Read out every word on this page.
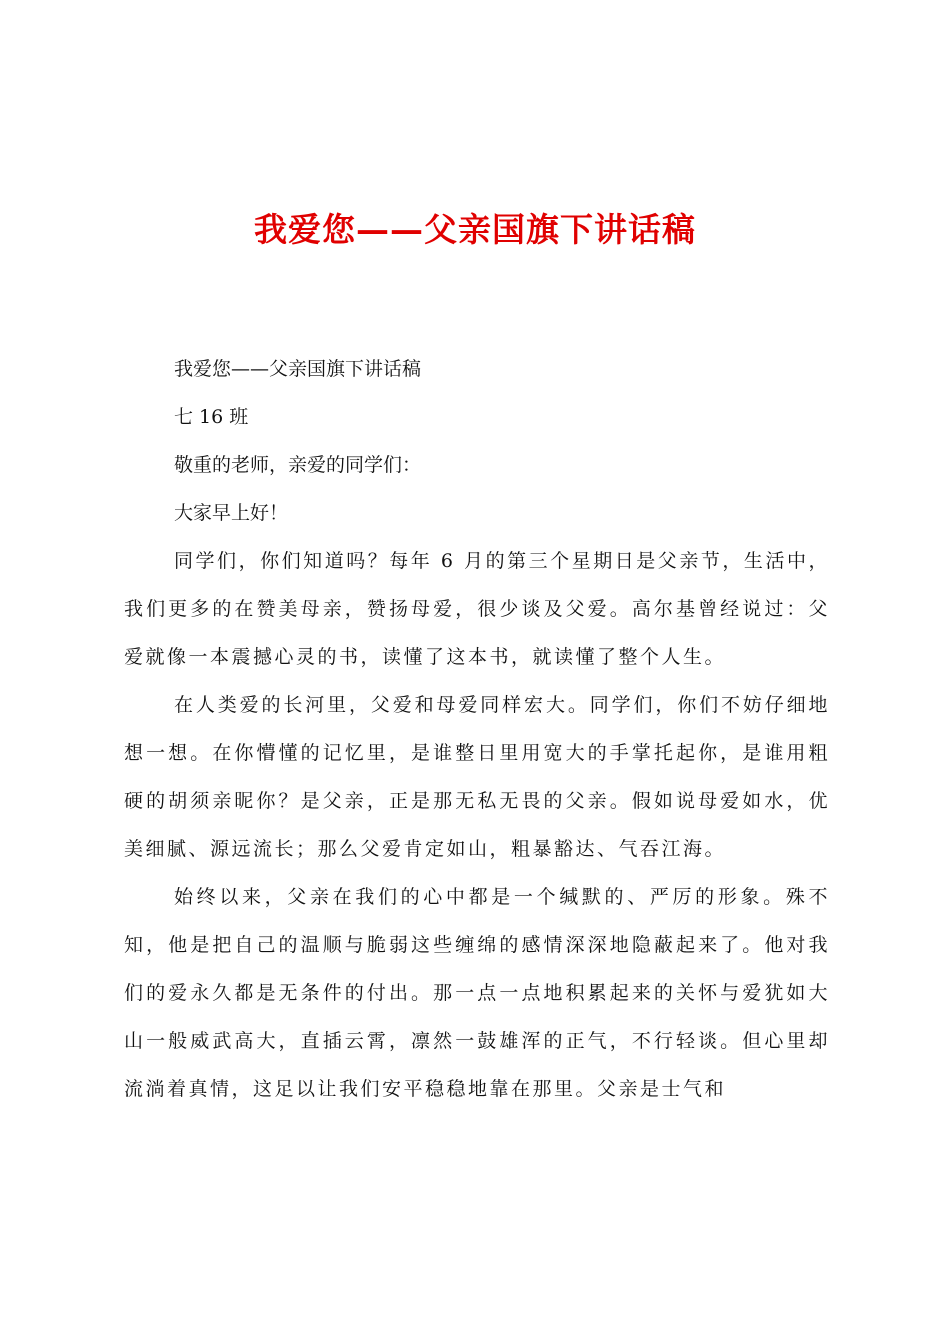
我爱您——父亲国旗下讲话稿

我爱您——父亲国旗下讲话稿

七 16 班

敬重的老师，亲爱的同学们：

大家早上好！

同学们，你们知道吗？每年 6 月的第三个星期日是父亲节，生活中，我们更多的在赞美母亲，赞扬母爱，很少谈及父爱。高尔基曾经说过：父爱就像一本震撼心灵的书，读懂了这本书，就读懂了整个人生。

在人类爱的长河里，父爱和母爱同样宏大。同学们，你们不妨仔细地想一想。在你懵懂的记忆里，是谁整日里用宽大的手掌托起你，是谁用粗硬的胡须亲昵你？是父亲，正是那无私无畏的父亲。假如说母爱如水，优美细腻、源远流长；那么父爱肯定如山，粗暴豁达、气吞江海。

始终以来，父亲在我们的心中都是一个缄默的、严厉的形象。殊不知，他是把自己的温顺与脆弱这些缠绵的感情深深地隐蔽起来了。他对我们的爱永久都是无条件的付出。那一点一点地积累起来的关怀与爱犹如大山一般威武高大，直插云霄，凛然一鼓雄浑的正气，不行轻谈。但心里却流淌着真情，这足以让我们安平稳稳地靠在那里。父亲是士气和
